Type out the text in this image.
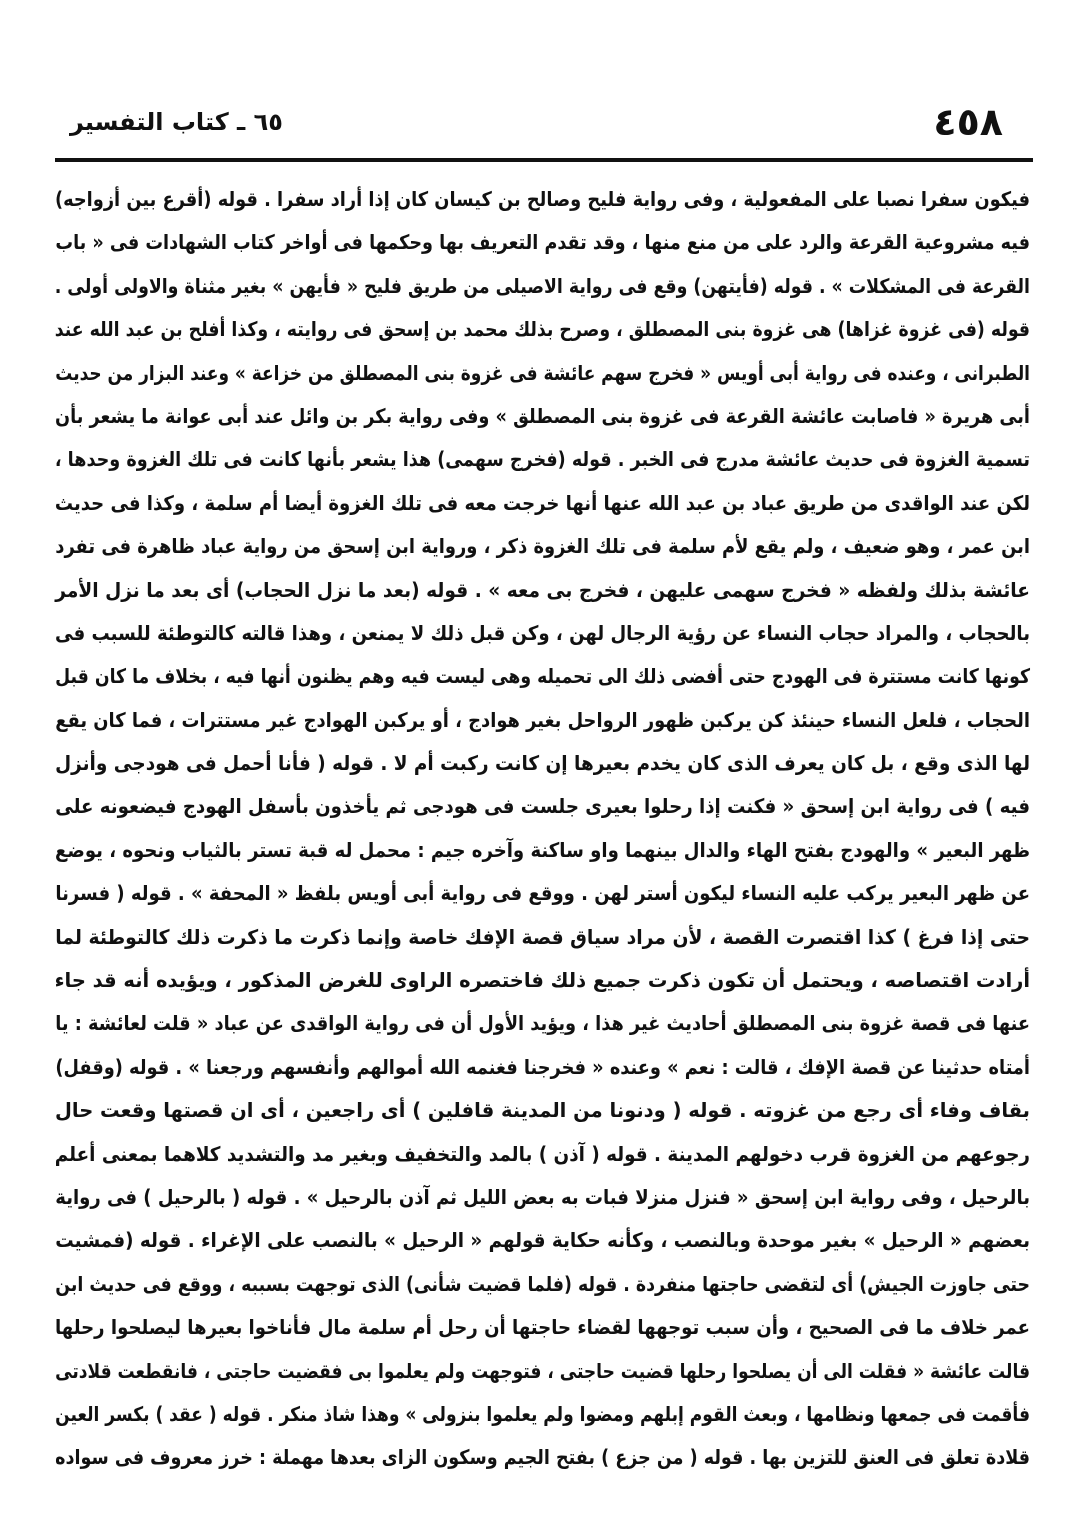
٤٥٨
٦٥ ـ كتاب التفسير
فيكون سفرا نصبا على المفعولية ، وفى رواية فليح وصالح بن كيسان كان إذا أراد سفرا . قوله (أقرع بين أزواجه)
فيه مشروعية القرعة والرد على من منع منها ، وقد تقدم التعريف بها وحكمها فى أواخر كتاب الشهادات فى « باب
القرعة فى المشكلات » . قوله (فأيتهن) وقع فى رواية الاصيلى من طريق فليح « فأيهن » بغير مثناة والاولى أولى .
قوله (فى غزوة غزاها) هى غزوة بنى المصطلق ، وصرح بذلك محمد بن إسحق فى روايته ، وكذا أفلح بن عبد الله عند
الطبرانى ، وعنده فى رواية أبى أويس « فخرج سهم عائشة فى غزوة بنى المصطلق من خزاعة » وعند البزار من حديث
أبى هريرة « فاصابت عائشة القرعة فى غزوة بنى المصطلق » وفى رواية بكر بن وائل عند أبى عوانة ما يشعر بأن
تسمية الغزوة فى حديث عائشة مدرج فى الخبر . قوله (فخرج سهمى) هذا يشعر بأنها كانت فى تلك الغزوة وحدها ،
لكن عند الواقدى من طريق عباد بن عبد الله عنها أنها خرجت معه فى تلك الغزوة أيضا أم سلمة ، وكذا فى حديث
ابن عمر ، وهو ضعيف ، ولم يقع لأم سلمة فى تلك الغزوة ذكر ، ورواية ابن إسحق من رواية عباد ظاهرة فى تفرد
عائشة بذلك ولفظه « فخرج سهمى عليهن ، فخرج بى معه » . قوله (بعد ما نزل الحجاب) أى بعد ما نزل الأمر
بالحجاب ، والمراد حجاب النساء عن رؤية الرجال لهن ، وكن قبل ذلك لا يمنعن ، وهذا قالته كالتوطئة للسبب فى
كونها كانت مستترة فى الهودج حتى أفضى ذلك الى تحميله وهى ليست فيه وهم يظنون أنها فيه ، بخلاف ما كان قبل
الحجاب ، فلعل النساء حينئذ كن يركبن ظهور الرواحل بغير هوادج ، أو يركبن الهوادج غير مستترات ، فما كان يقع
لها الذى وقع ، بل كان يعرف الذى كان يخدم بعيرها إن كانت ركبت أم لا . قوله ( فأنا أحمل فى هودجى وأنزل
فيه ) فى رواية ابن إسحق « فكنت إذا رحلوا بعيرى جلست فى هودجى ثم يأخذون بأسفل الهودج فيضعونه على
ظهر البعير » والهودج بفتح الهاء والدال بينهما واو ساكنة وآخره جيم : محمل له قبة تستر بالثياب ونحوه ، يوضع
عن ظهر البعير يركب عليه النساء ليكون أستر لهن . ووقع فى رواية أبى أويس بلفظ « المحفة » . قوله ( فسرنا
حتى إذا فرغ ) كذا اقتصرت القصة ، لأن مراد سياق قصة الإفك خاصة وإنما ذكرت ما ذكرت ذلك كالتوطئة لما
أرادت اقتصاصه ، ويحتمل أن تكون ذكرت جميع ذلك فاختصره الراوى للغرض المذكور ، ويؤيده أنه قد جاء
عنها فى قصة غزوة بنى المصطلق أحاديث غير هذا ، ويؤيد الأول أن فى رواية الواقدى عن عباد « قلت لعائشة : يا
أمتاه حدثينا عن قصة الإفك ، قالت : نعم » وعنده « فخرجنا فغنمه الله أموالهم وأنفسهم ورجعنا » . قوله (وقفل)
بقاف وفاء أى رجع من غزوته . قوله ( ودنونا من المدينة قافلين ) أى راجعين ، أى ان قصتها وقعت حال
رجوعهم من الغزوة قرب دخولهم المدينة . قوله ( آذن ) بالمد والتخفيف وبغير مد والتشديد كلاهما بمعنى أعلم
بالرحيل ، وفى رواية ابن إسحق « فنزل منزلا فبات به بعض الليل ثم آذن بالرحيل » . قوله ( بالرحيل ) فى رواية
بعضهم « الرحيل » بغير موحدة وبالنصب ، وكأنه حكاية قولهم « الرحيل » بالنصب على الإغراء . قوله (فمشيت
حتى جاوزت الجيش) أى لتقضى حاجتها منفردة . قوله (فلما قضيت شأنى) الذى توجهت بسببه ، ووقع فى حديث ابن
عمر خلاف ما فى الصحيح ، وأن سبب توجهها لقضاء حاجتها أن رحل أم سلمة مال فأناخوا بعيرها ليصلحوا رحلها
قالت عائشة « فقلت الى أن يصلحوا رحلها قضيت حاجتى ، فتوجهت ولم يعلموا بى فقضيت حاجتى ، فانقطعت قلادتى
فأقمت فى جمعها ونظامها ، وبعث القوم إبلهم ومضوا ولم يعلموا بنزولى » وهذا شاذ منكر . قوله ( عقد ) بكسر العين
قلادة تعلق فى العنق للتزين بها . قوله ( من جزع ) بفتح الجيم وسكون الزاى بعدها مهملة : خرز معروف فى سواده
